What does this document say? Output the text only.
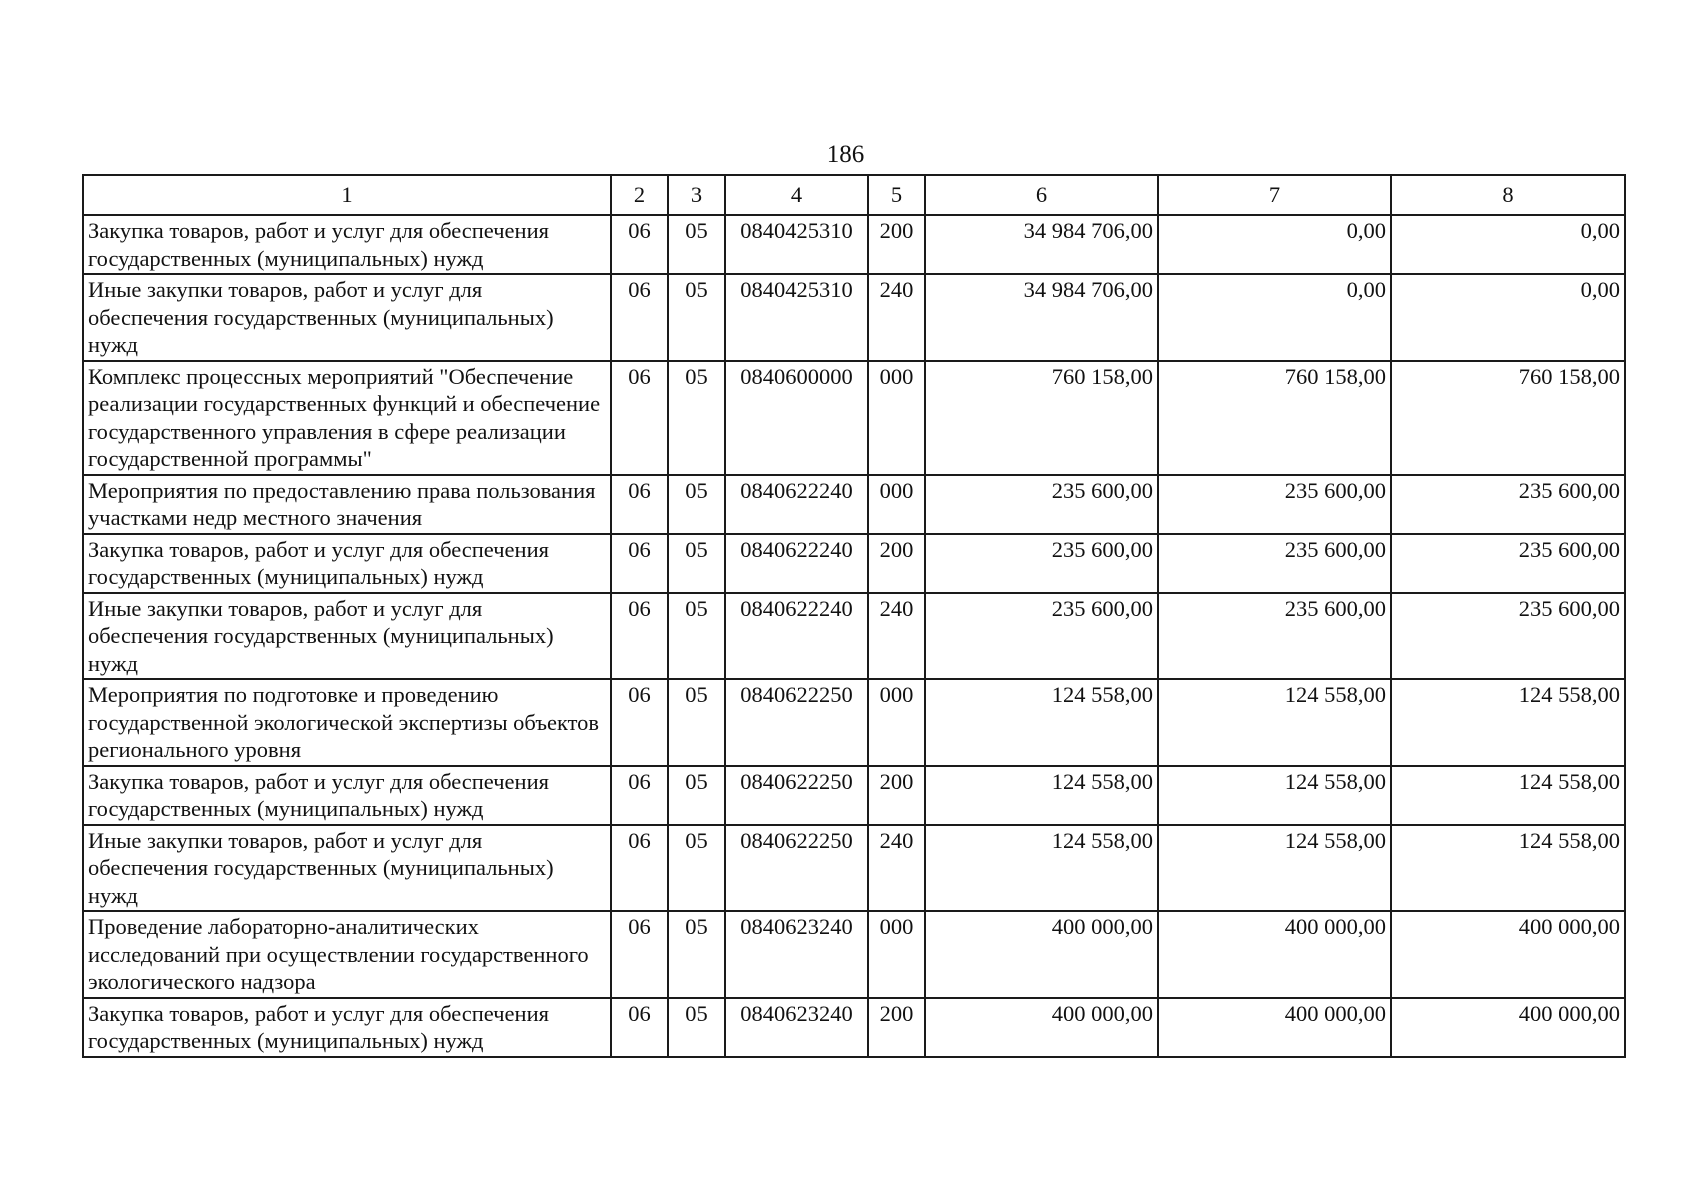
186
1	2	3	4	5	6	7	8
Закупка товаров, работ и услуг для обеспечения государственных (муниципальных) нужд	06	05	0840425310	200	34 984 706,00	0,00	0,00
Иные закупки товаров, работ и услуг для обеспечения государственных (муниципальных) нужд	06	05	0840425310	240	34 984 706,00	0,00	0,00
Комплекс процессных мероприятий "Обеспечение реализации государственных функций и обеспечение государственного управления в сфере реализации государственной программы"	06	05	0840600000	000	760 158,00	760 158,00	760 158,00
Мероприятия по предоставлению права пользования участками недр местного значения	06	05	0840622240	000	235 600,00	235 600,00	235 600,00
Закупка товаров, работ и услуг для обеспечения государственных (муниципальных) нужд	06	05	0840622240	200	235 600,00	235 600,00	235 600,00
Иные закупки товаров, работ и услуг для обеспечения государственных (муниципальных) нужд	06	05	0840622240	240	235 600,00	235 600,00	235 600,00
Мероприятия по подготовке и проведению государственной экологической экспертизы объектов регионального уровня	06	05	0840622250	000	124 558,00	124 558,00	124 558,00
Закупка товаров, работ и услуг для обеспечения государственных (муниципальных) нужд	06	05	0840622250	200	124 558,00	124 558,00	124 558,00
Иные закупки товаров, работ и услуг для обеспечения государственных (муниципальных) нужд	06	05	0840622250	240	124 558,00	124 558,00	124 558,00
Проведение лабораторно-аналитических исследований при осуществлении государственного экологического надзора	06	05	0840623240	000	400 000,00	400 000,00	400 000,00
Закупка товаров, работ и услуг для обеспечения государственных (муниципальных) нужд	06	05	0840623240	200	400 000,00	400 000,00	400 000,00
